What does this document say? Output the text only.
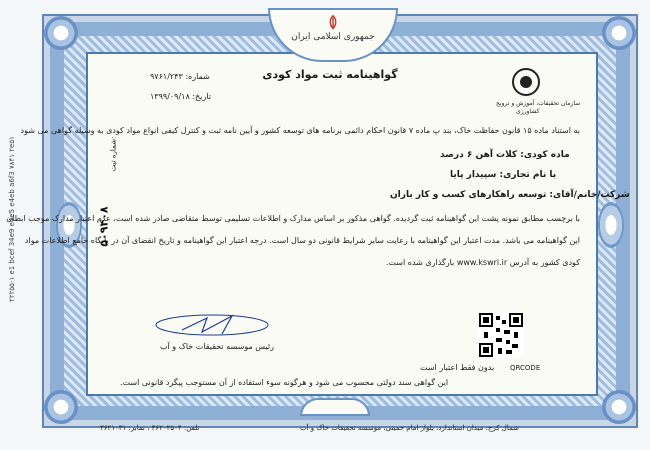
۲۲۲۵۵-۱ e1 bcef 34e9 e4e5 e4eb a6f3 ۷۸۴۱ ۲e۵۱
جمهوری اسلامی ایران
گواهینامه ثبت مواد کودی
شماره: ۹۷۶۱/۲۴۳
تاریخ: ۱۳۹۹/۰۹/۱۸
سازمان تحقیقات، آموزش و ترویج
کشاورزی
به استناد ماده ۱۵ قانون حفاظت خاک، بند پ ماده ۷ قانون احکام دائمی برنامه های توسعه کشور و آیین نامه ثبت و کنترل کیفی انواع مواد کودی به وسیله گواهی می شود
ماده کودی: کلات آهن ۶ درصد
با نام تجاری: سپیدار پایا
شرکت/خانم/آقای: توسعه راهکارهای کسب و کار باران
با برچسب مطابق نمونه پشت این گواهینامه ثبت گردیده. گواهی مذکور بر اساس مدارک و اطلاعات تسلیمی توسط متقاضی صادر شده است، عدم اعتبار مدارک موجب ابطان
این گواهینامه می باشد. مدت اعتبار این گواهینامه با رعایت سایر شرایط قانونی دو سال است. درجه اعتبار این گواهینامه و تاریخ انقضای آن در پایگاه جامع اطلاعات مواد
کودی کشور به آدرس www.kswri.ir بارگذاری شده است.
شماره ثبت:
۵۰۹۴۰۸
رئیس موسسه تحقیقات خاک و آب
QRCODE
بدون فقط اعتبار است
این گواهی سند دولتی محسوب می شود و هرگونه سوء استفاده از آن مستوجب پیگرد قانونی است.
شمال کرج، میدان استاندارد، بلوار امام خمینی، موسسه تحقیقات خاک و آب
تلفن: ۳۶۲۰۲۵۰۴ ، نمابر: ۳۶۲۱۰۳۱
